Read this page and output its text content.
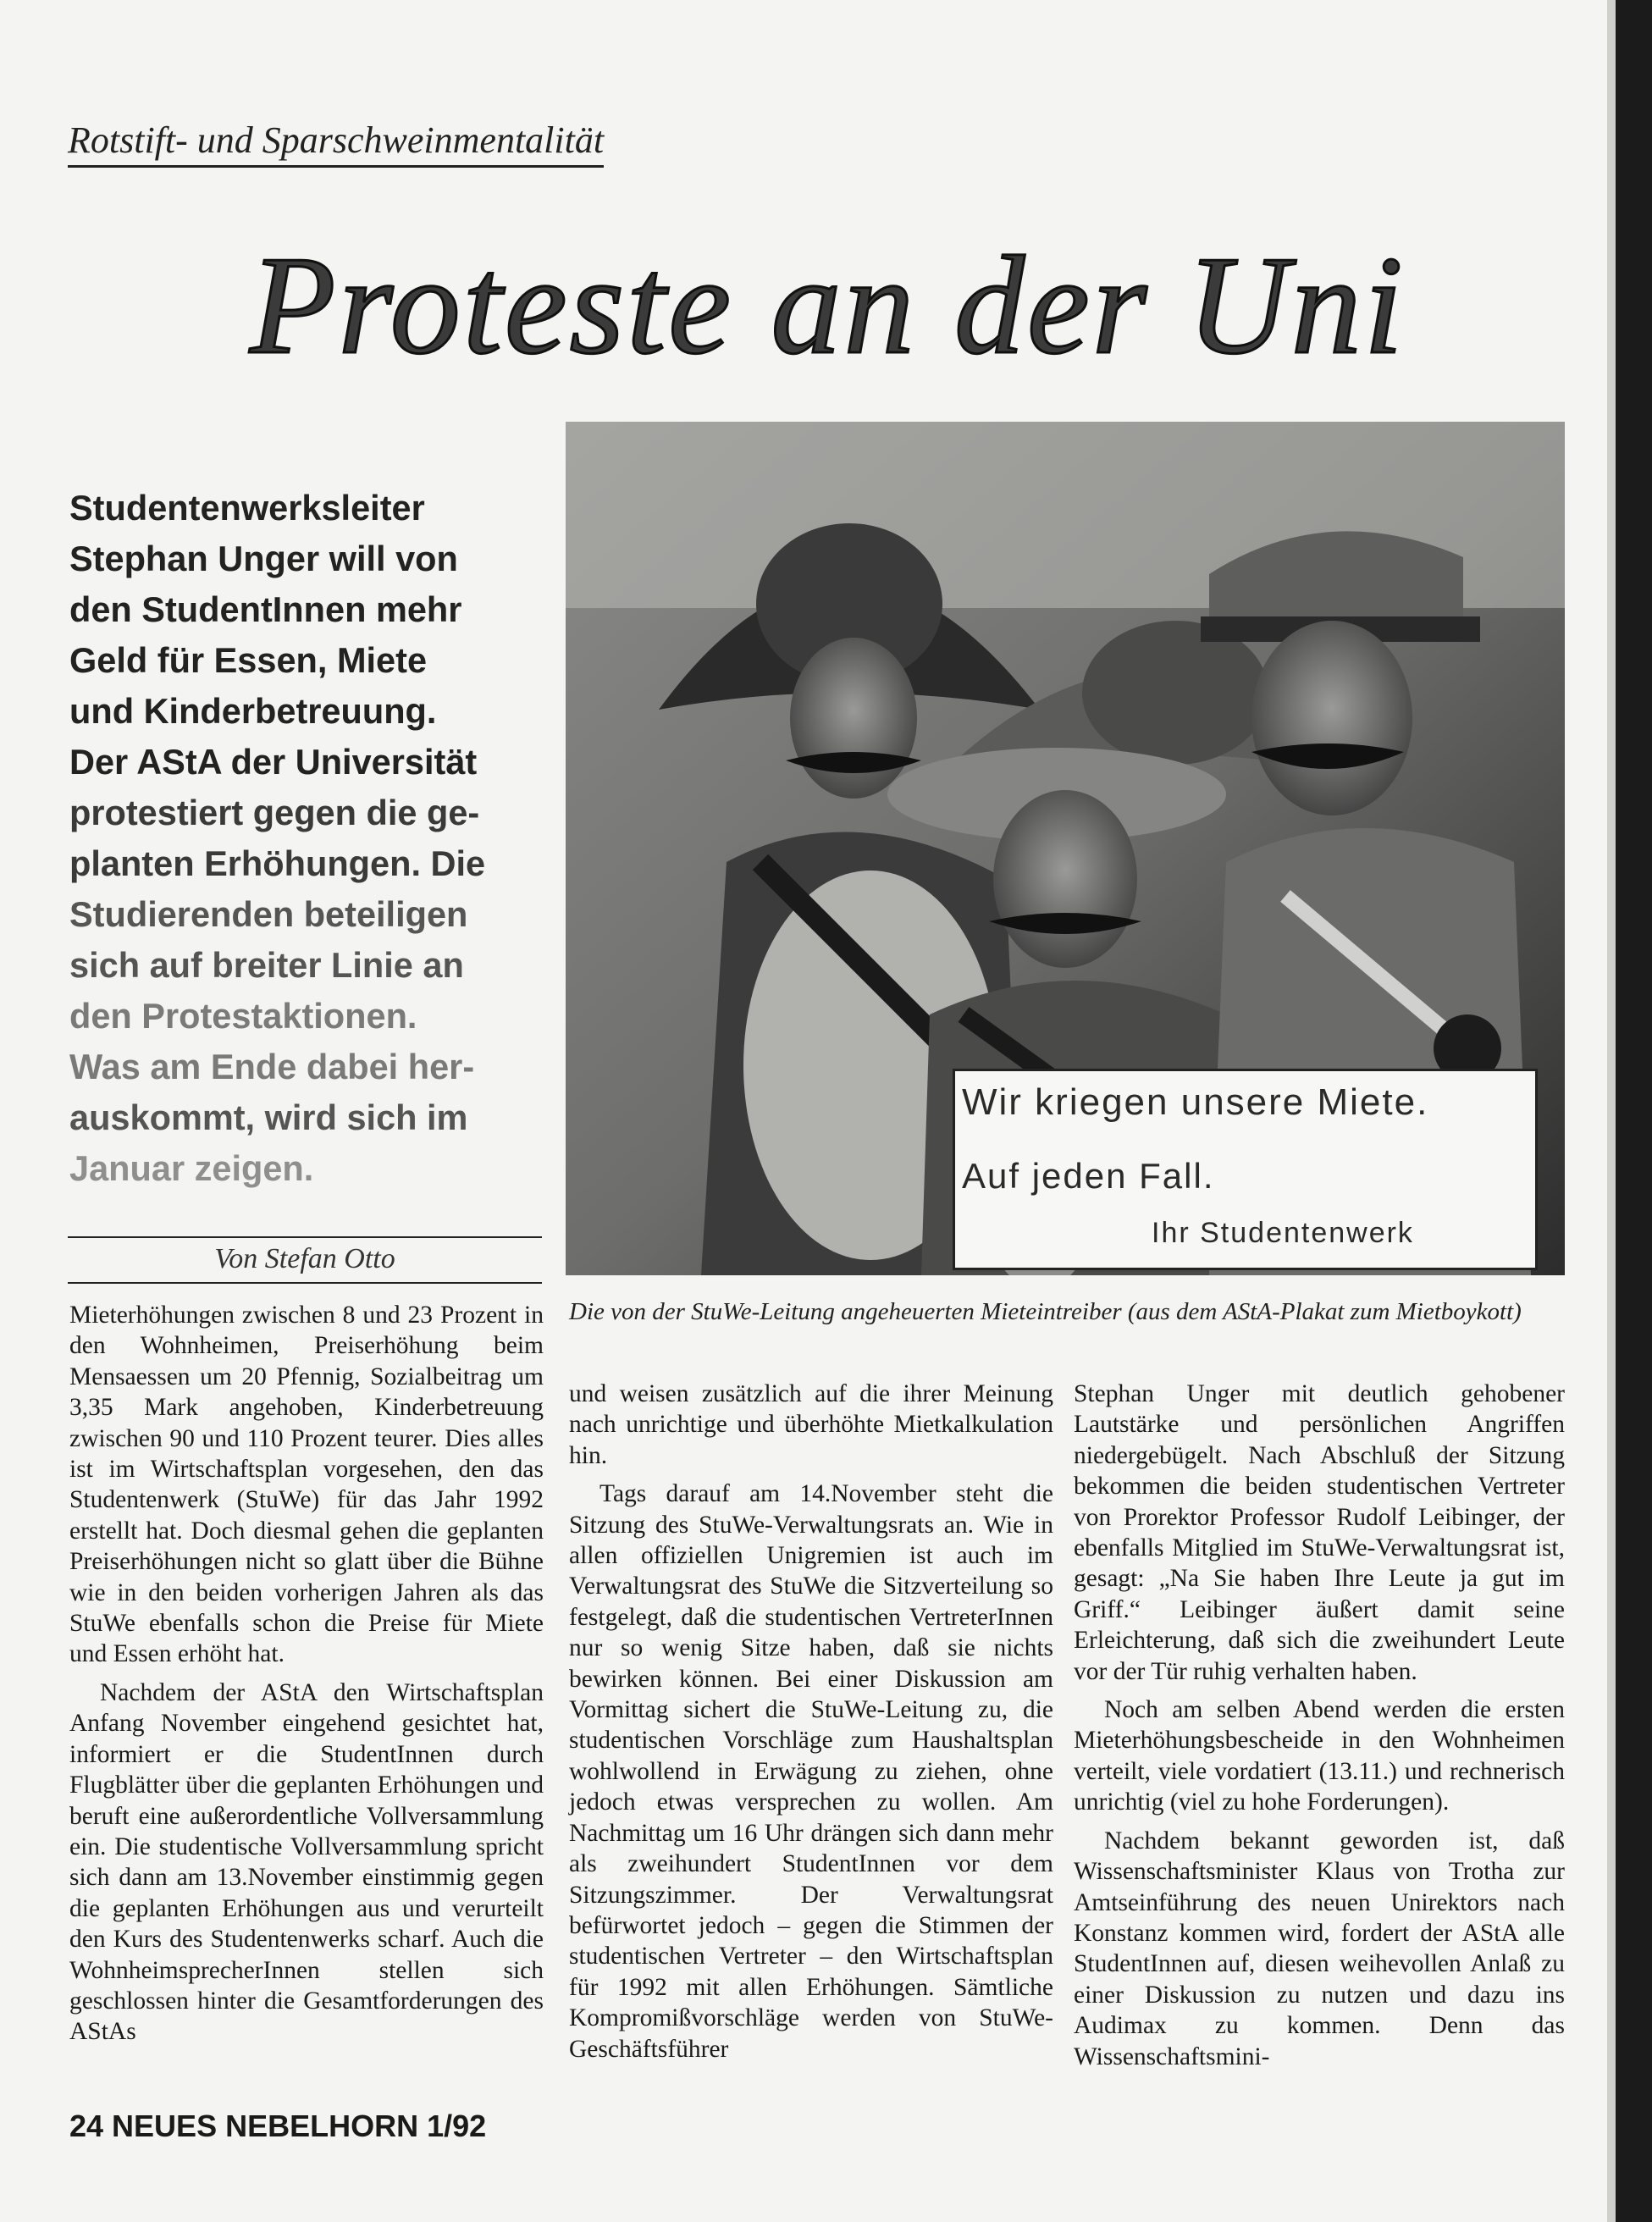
Rotstift- und Sparschweinmentalität
Proteste an der Uni
Studentenwerksleiter
Stephan Unger will von
den StudentInnen mehr
Geld für Essen, Miete
und Kinderbetreuung.
Der AStA der Universität
protestiert gegen die ge-
planten Erhöhungen. Die
Studierenden beteiligen
sich auf breiter Linie an
den Protestaktionen.
Was am Ende dabei her-
auskommt, wird sich im
Januar zeigen.
Von Stefan Otto
Wir kriegen unsere Miete.
Auf jeden Fall.
Ihr Studentenwerk
Die von der StuWe-Leitung angeheuerten Mieteintreiber (aus dem AStA-Plakat zum Mietboykott)

Mieterhöhungen zwischen 8 und 23 Prozent in den Wohnheimen, Preiserhöhung beim Mensaessen um 20 Pfennig, Sozialbeitrag um 3,35 Mark angehoben, Kinderbetreuung zwischen 90 und 110 Prozent teurer. Dies alles ist im Wirtschaftsplan vorgesehen, den das Studentenwerk (StuWe) für das Jahr 1992 erstellt hat. Doch diesmal gehen die geplanten Preiserhöhungen nicht so glatt über die Bühne wie in den beiden vorherigen Jahren als das StuWe ebenfalls schon die Preise für Miete und Essen erhöht hat.

Nachdem der AStA den Wirtschaftsplan Anfang November eingehend gesichtet hat, informiert er die StudentInnen durch Flugblätter über die geplanten Erhöhungen und beruft eine außerordentliche Vollversammlung ein. Die studentische Vollversammlung spricht sich dann am 13.November einstimmig gegen die geplanten Erhöhungen aus und verurteilt den Kurs des Studentenwerks scharf. Auch die WohnheimsprecherInnen stellen sich geschlossen hinter die Gesamtforderungen des AStAs

und weisen zusätzlich auf die ihrer Meinung nach unrichtige und überhöhte Mietkalkulation hin.

Tags darauf am 14.November steht die Sitzung des StuWe-Verwaltungsrats an. Wie in allen offiziellen Unigremien ist auch im Verwaltungsrat des StuWe die Sitzverteilung so festgelegt, daß die studentischen VertreterInnen nur so wenig Sitze haben, daß sie nichts bewirken können. Bei einer Diskussion am Vormittag sichert die StuWe-Leitung zu, die studentischen Vorschläge zum Haushaltsplan wohlwollend in Erwägung zu ziehen, ohne jedoch etwas versprechen zu wollen. Am Nachmittag um 16 Uhr drängen sich dann mehr als zweihundert StudentInnen vor dem Sitzungszimmer. Der Verwaltungsrat befürwortet jedoch – gegen die Stimmen der studentischen Vertreter – den Wirtschaftsplan für 1992 mit allen Erhöhungen. Sämtliche Kompromißvorschläge werden von StuWe-Geschäftsführer

Stephan Unger mit deutlich gehobener Lautstärke und persönlichen Angriffen niedergebügelt. Nach Abschluß der Sitzung bekommen die beiden studentischen Vertreter von Prorektor Professor Rudolf Leibinger, der ebenfalls Mitglied im StuWe-Verwaltungsrat ist, gesagt: „Na Sie haben Ihre Leute ja gut im Griff.“ Leibinger äußert damit seine Erleichterung, daß sich die zweihundert Leute vor der Tür ruhig verhalten haben.

Noch am selben Abend werden die ersten Mieterhöhungsbescheide in den Wohnheimen verteilt, viele vordatiert (13.11.) und rechnerisch unrichtig (viel zu hohe Forderungen).

Nachdem bekannt geworden ist, daß Wissenschaftsminister Klaus von Trotha zur Amtseinführung des neuen Unirektors nach Konstanz kommen wird, fordert der AStA alle StudentInnen auf, diesen weihevollen Anlaß zu einer Diskussion zu nutzen und dazu ins Audimax zu kommen. Denn das Wissenschaftsmini-

24 NEUES NEBELHORN 1/92
